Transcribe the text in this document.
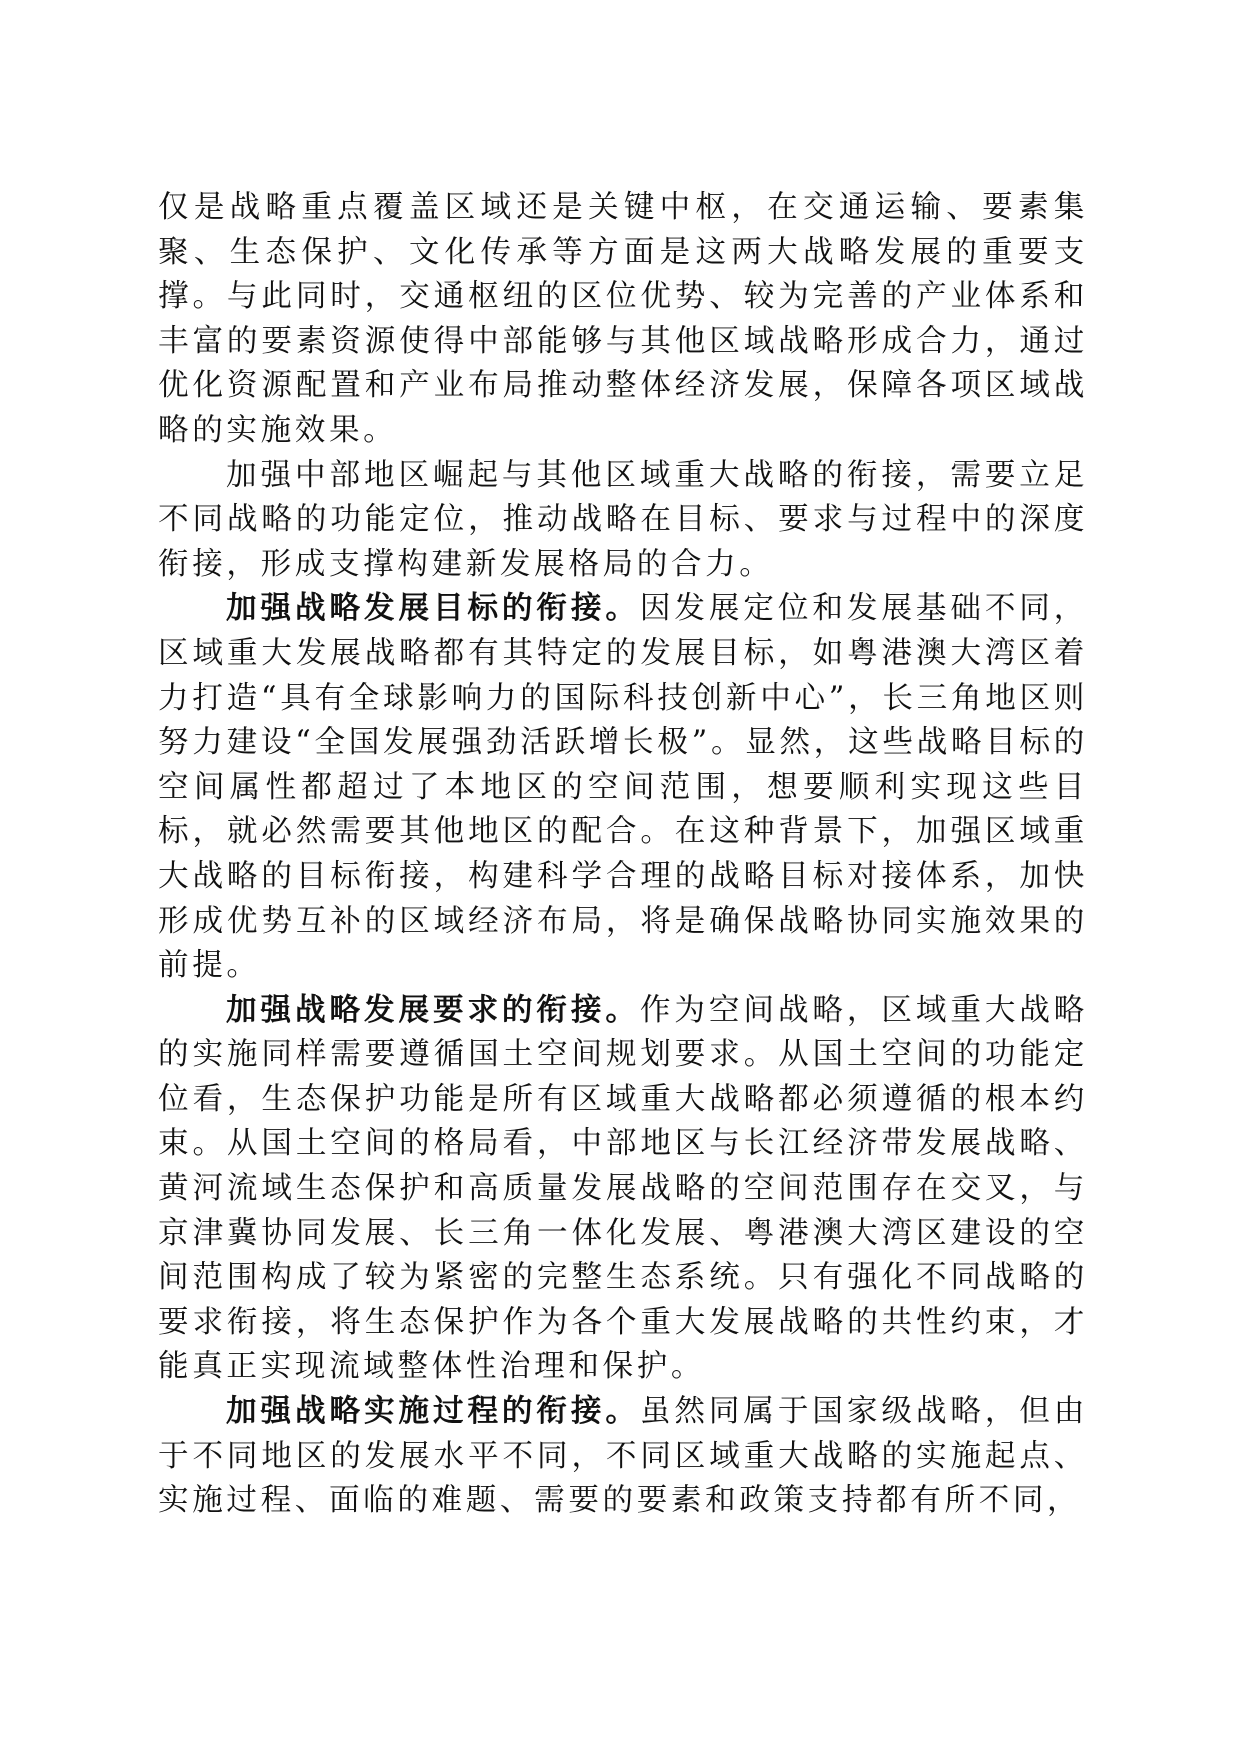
仅是战略重点覆盖区域还是关键中枢，在交通运输、要素集聚、生态保护、文化传承等方面是这两大战略发展的重要支撑。与此同时，交通枢纽的区位优势、较为完善的产业体系和丰富的要素资源使得中部能够与其他区域战略形成合力，通过优化资源配置和产业布局推动整体经济发展，保障各项区域战略的实施效果。

加强中部地区崛起与其他区域重大战略的衔接，需要立足不同战略的功能定位，推动战略在目标、要求与过程中的深度衔接，形成支撑构建新发展格局的合力。

加强战略发展目标的衔接。因发展定位和发展基础不同，区域重大发展战略都有其特定的发展目标，如粤港澳大湾区着力打造“具有全球影响力的国际科技创新中心”，长三角地区则努力建设“全国发展强劲活跃增长极”。显然，这些战略目标的空间属性都超过了本地区的空间范围，想要顺利实现这些目标，就必然需要其他地区的配合。在这种背景下，加强区域重大战略的目标衔接，构建科学合理的战略目标对接体系，加快形成优势互补的区域经济布局，将是确保战略协同实施效果的前提。

加强战略发展要求的衔接。作为空间战略，区域重大战略的实施同样需要遵循国土空间规划要求。从国土空间的功能定位看，生态保护功能是所有区域重大战略都必须遵循的根本约束。从国土空间的格局看，中部地区与长江经济带发展战略、黄河流域生态保护和高质量发展战略的空间范围存在交叉，与京津冀协同发展、长三角一体化发展、粤港澳大湾区建设的空间范围构成了较为紧密的完整生态系统。只有强化不同战略的要求衔接，将生态保护作为各个重大发展战略的共性约束，才能真正实现流域整体性治理和保护。

加强战略实施过程的衔接。虽然同属于国家级战略，但由于不同地区的发展水平不同，不同区域重大战略的实施起点、实施过程、面临的难题、需要的要素和政策支持都有所不同，
